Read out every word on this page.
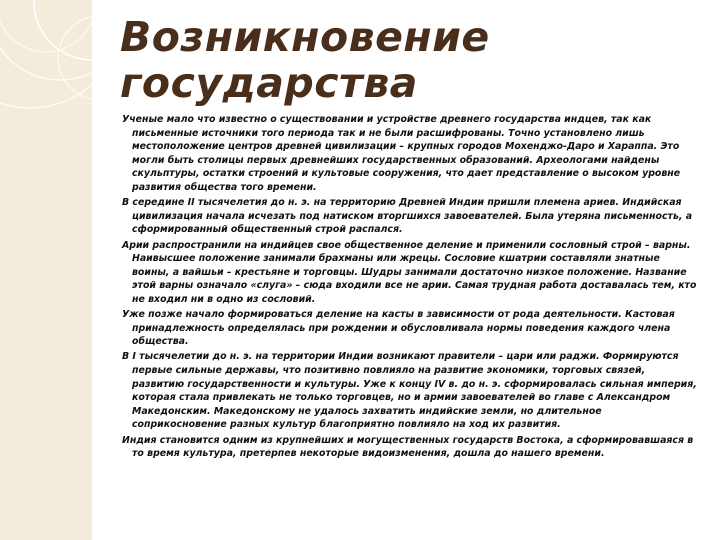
Возникновение
государства

Ученые мало что известно о существовании и устройстве древнего государства индцев, так как письменные источники того периода так и не были расшифрованы. Точно установлено лишь местоположение центров древней цивилизации – крупных городов Мохенджо-Даро и Хараппа. Это могли быть столицы первых древнейших государственных образований. Археологами найдены скульптуры, остатки строений и культовые сооружения, что дает представление о высоком уровне развития общества того времени.

В середине II тысячелетия до н. э. на территорию Древней Индии пришли племена ариев. Индийская цивилизация начала исчезать под натиском вторгшихся завоевателей. Была утеряна письменность, а сформированный общественный строй распался.

Арии распространили на индийцев свое общественное деление и применили сословный строй – варны. Наивысшее положение занимали брахманы или жрецы. Сословие кшатрии составляли знатные воины, а вайшьи – крестьяне и торговцы. Шудры занимали достаточно низкое положение. Название этой варны означало «слуга» – сюда входили все не арии. Самая трудная работа доставалась тем, кто не входил ни в одно из сословий.

Уже позже начало формироваться деление на касты в зависимости от рода деятельности. Кастовая принадлежность определялась при рождении и обусловливала нормы поведения каждого члена общества.

В I тысячелетии до н. э. на территории Индии возникают правители – цари или раджи. Формируются первые сильные державы, что позитивно повлияло на развитие экономики, торговых связей, развитию государственности и культуры. Уже к концу IV в. до н. э. сформировалась сильная империя, которая стала привлекать не только торговцев, но и армии завоевателей во главе с Александром Македонским. Македонскому не удалось захватить индийские земли, но длительное соприкосновение разных культур благоприятно повлияло на ход их развития.

Индия становится одним из крупнейших и могущественных государств Востока, а сформировавшаяся в то время культура, претерпев некоторые видоизменения, дошла до нашего времени.
